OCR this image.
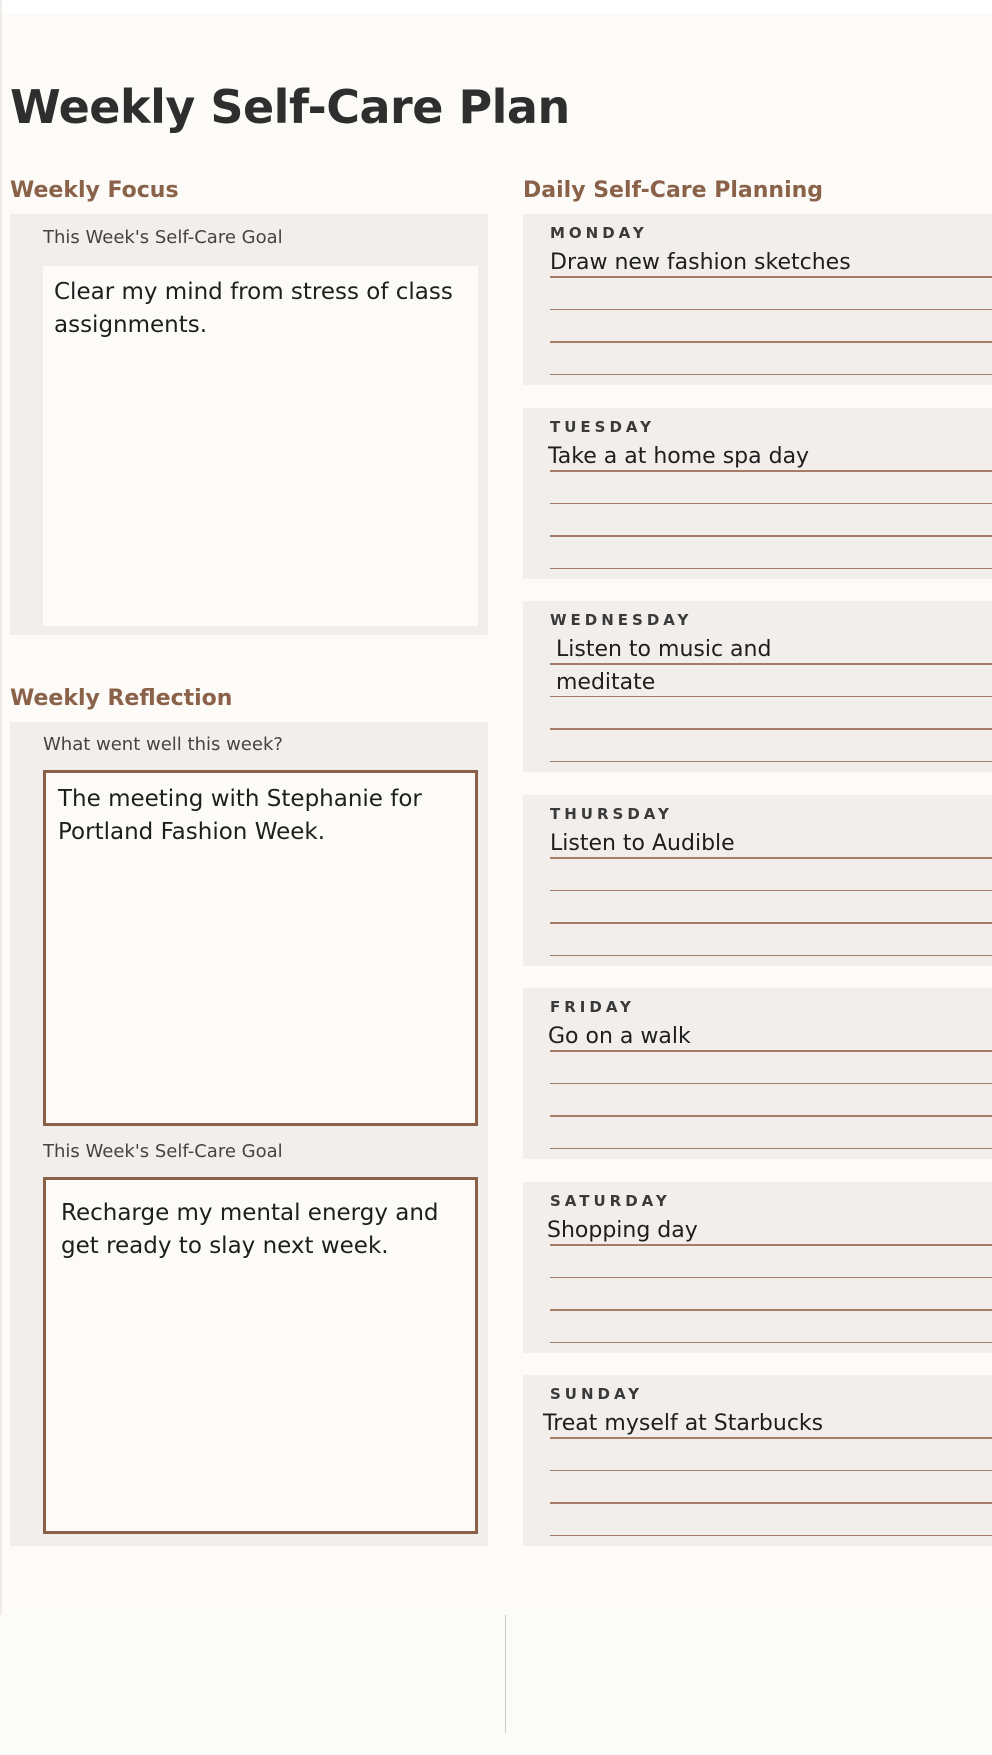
Weekly Self-Care Plan
Weekly Focus
This Week's Self-Care Goal

Clear my mind from stress of class assignments.

Weekly Reflection
What went well this week?

The meeting with Stephanie for Portland Fashion Week.

This Week's Self-Care Goal

Recharge my mental energy and get ready to slay next week.

Daily Self-Care Planning
MONDAY
Draw new fashion sketches
TUESDAY
Take a at home spa day
WEDNESDAY
Listen to music and
meditate
THURSDAY
Listen to Audible
FRIDAY
Go on a walk
SATURDAY
Shopping day
SUNDAY
Treat myself at Starbucks
